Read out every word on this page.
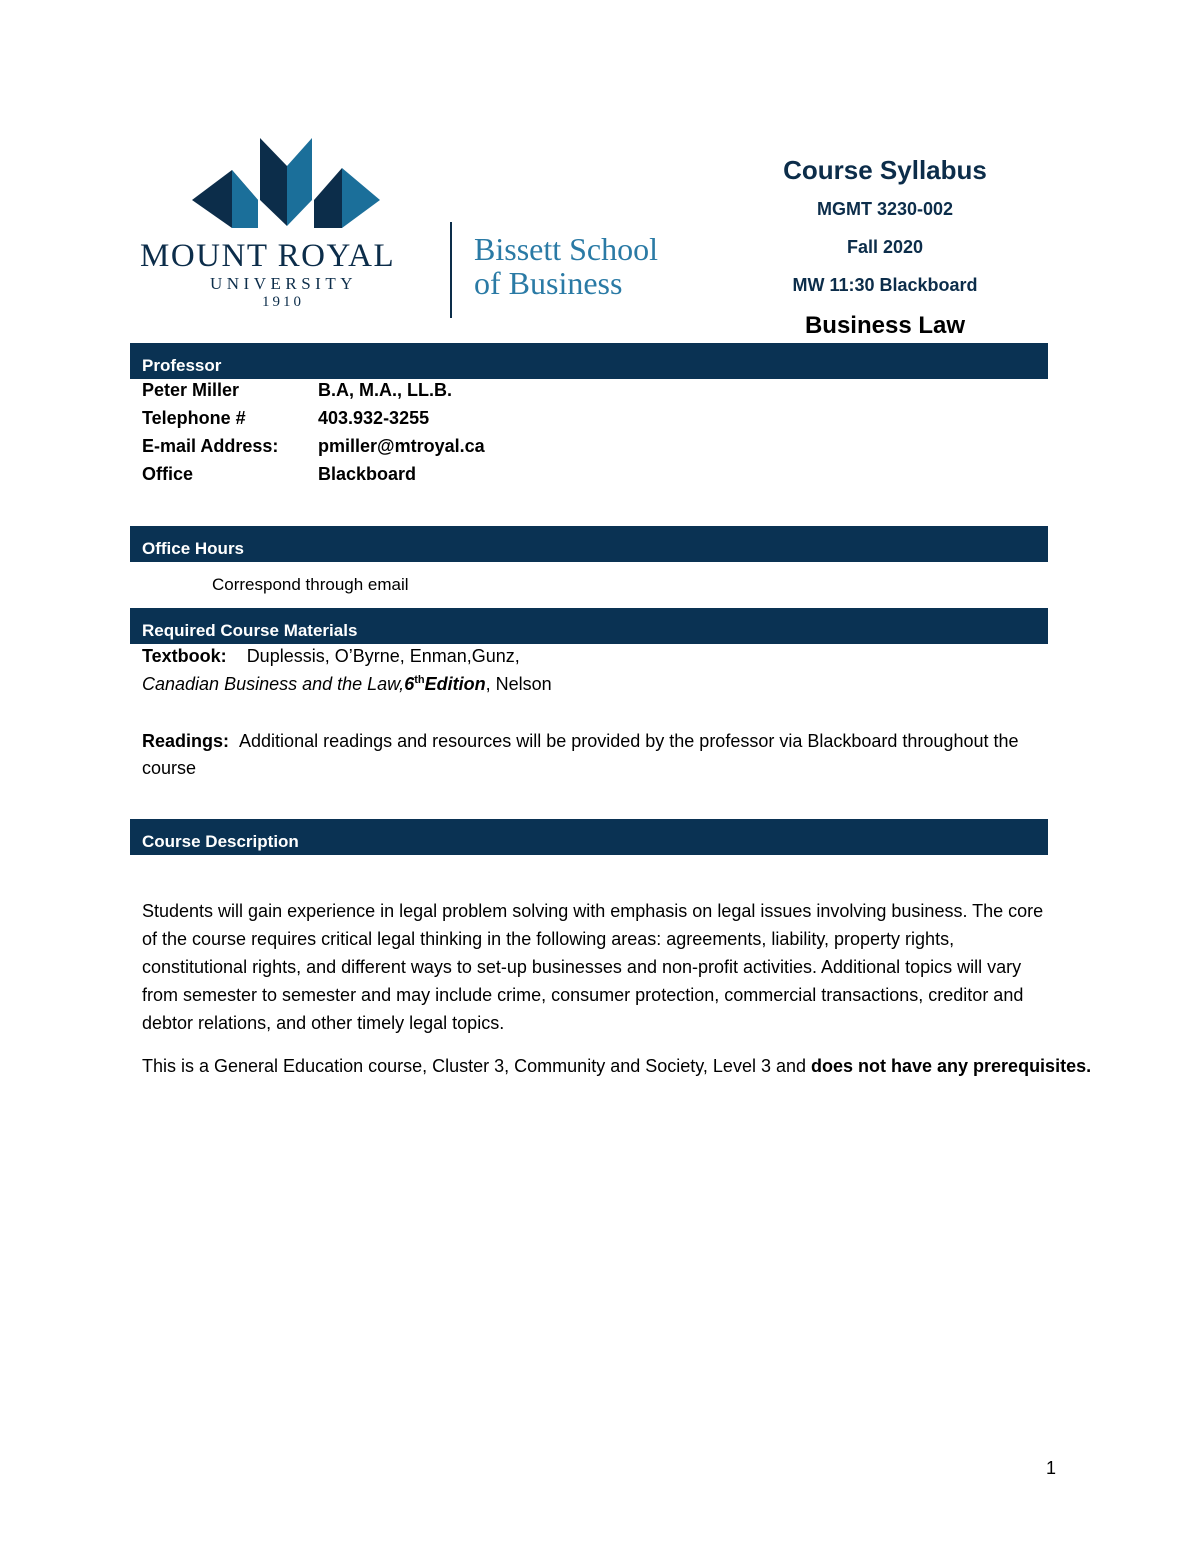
MOUNT ROYAL
UNIVERSITY
1910
Bissett School
of Business
Course Syllabus
MGMT 3230-002
Fall 2020
MW 11:30 Blackboard
Business Law
Professor
Peter Miller	B.A, M.A., LL.B.
Telephone #	403.932-3255
E-mail Address: pmiller@mtroyal.ca
Office	Blackboard
Office Hours
Correspond through email
Required Course Materials
Textbook: Duplessis, O’Byrne, Enman,Gunz,
Canadian Business and the Law,6thEdition, Nelson
Readings: Additional readings and resources will be provided by the professor via Blackboard throughout the
course
Course Description
Students will gain experience in legal problem solving with emphasis on legal issues involving business. The core of the course requires critical legal thinking in the following areas: agreements, liability, property rights, constitutional rights, and different ways to set-up businesses and non-profit activities. Additional topics will vary from semester to semester and may include crime, consumer protection, commercial transactions, creditor and debtor relations, and other timely legal topics.
This is a General Education course, Cluster 3, Community and Society, Level 3 and does not have any prerequisites.
1
